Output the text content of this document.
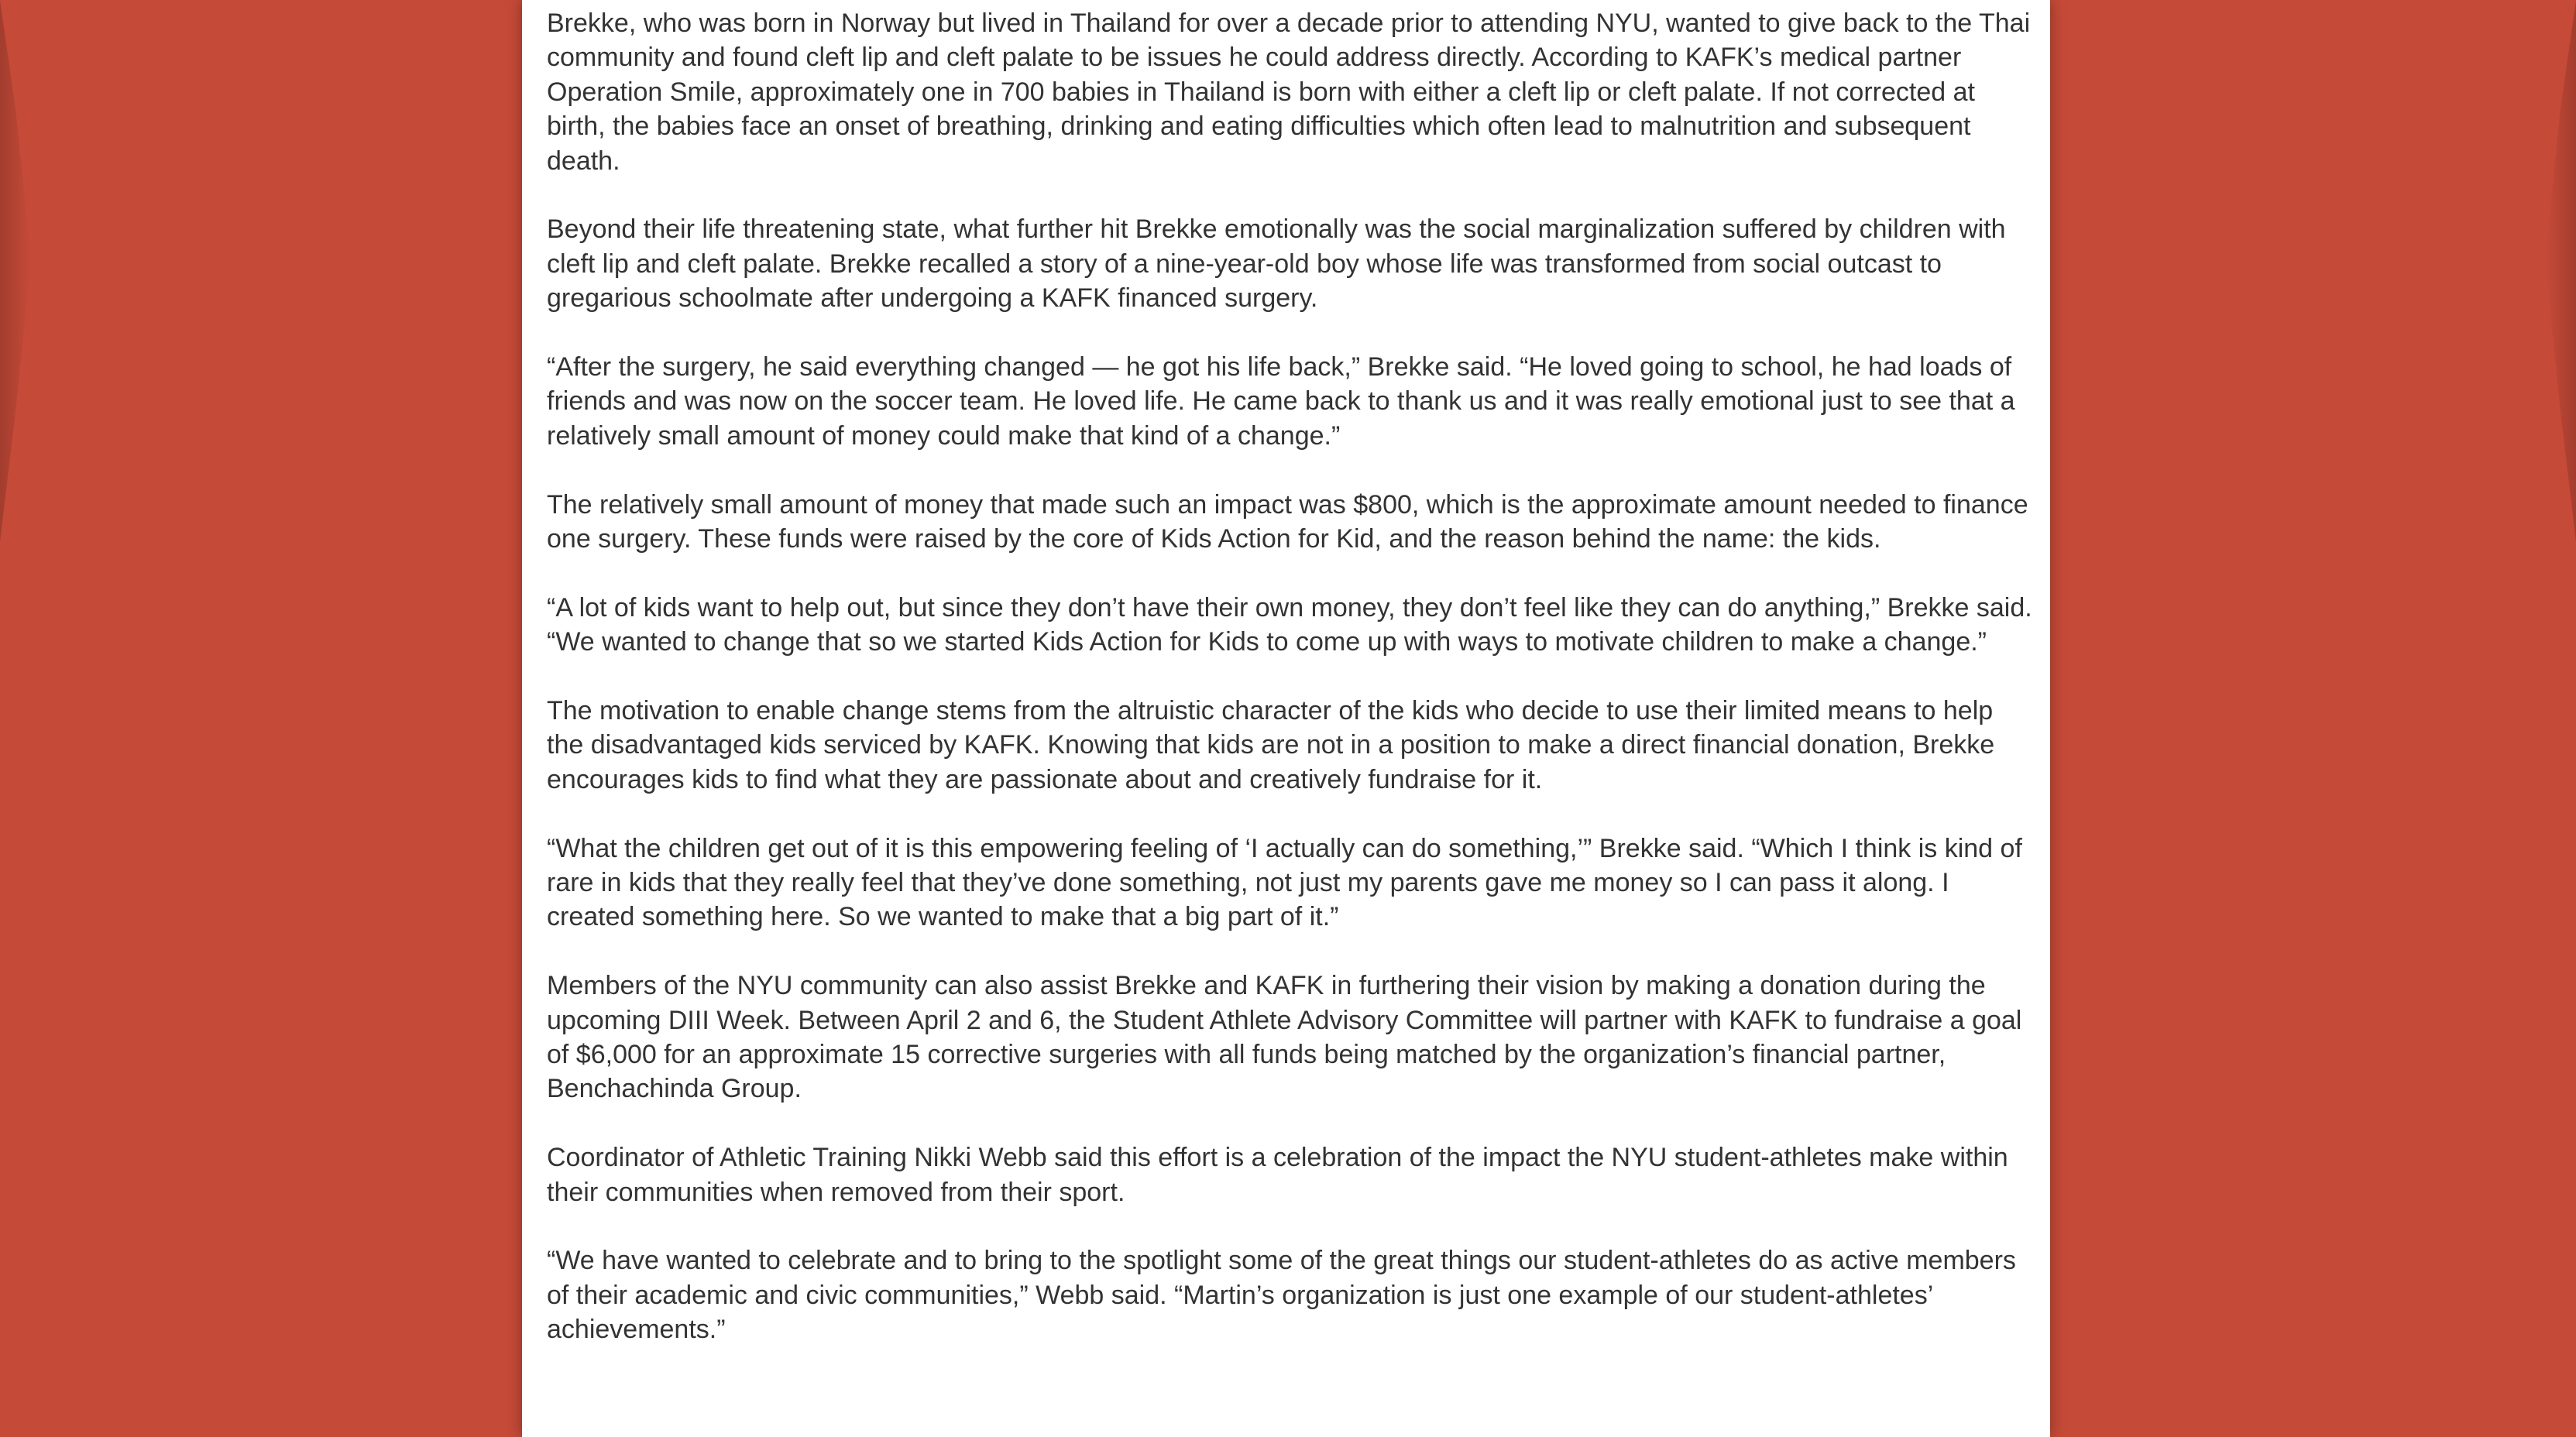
Brekke, who was born in Norway but lived in Thailand for over a decade prior to attending NYU, wanted to give back to the Thai community and found cleft lip and cleft palate to be issues he could address directly. According to KAFK’s medical partner Operation Smile, approximately one in 700 babies in Thailand is born with either a cleft lip or cleft palate. If not corrected at birth, the babies face an onset of breathing, drinking and eating difficulties which often lead to malnutrition and subsequent death.

Beyond their life threatening state, what further hit Brekke emotionally was the social marginalization suffered by children with cleft lip and cleft palate. Brekke recalled a story of a nine-year-old boy whose life was transformed from social outcast to gregarious schoolmate after undergoing a KAFK financed surgery.

“After the surgery, he said everything changed — he got his life back,” Brekke said. “He loved going to school, he had loads of friends and was now on the soccer team. He loved life. He came back to thank us and it was really emotional just to see that a relatively small amount of money could make that kind of a change.”

The relatively small amount of money that made such an impact was $800, which is the approximate amount needed to finance one surgery. These funds were raised by the core of Kids Action for Kid, and the reason behind the name: the kids.

“A lot of kids want to help out, but since they don’t have their own money, they don’t feel like they can do anything,” Brekke said. “We wanted to change that so we started Kids Action for Kids to come up with ways to motivate children to make a change.”

The motivation to enable change stems from the altruistic character of the kids who decide to use their limited means to help the disadvantaged kids serviced by KAFK. Knowing that kids are not in a position to make a direct financial donation, Brekke encourages kids to find what they are passionate about and creatively fundraise for it.

“What the children get out of it is this empowering feeling of ‘I actually can do something,’” Brekke said. “Which I think is kind of rare in kids that they really feel that they’ve done something, not just my parents gave me money so I can pass it along. I created something here. So we wanted to make that a big part of it.”

Members of the NYU community can also assist Brekke and KAFK in furthering their vision by making a donation during the upcoming DIII Week. Between April 2 and 6, the Student Athlete Advisory Committee will partner with KAFK to fundraise a goal of $6,000 for an approximate 15 corrective surgeries with all funds being matched by the organization’s financial partner, Benchachinda Group.

Coordinator of Athletic Training Nikki Webb said this effort is a celebration of the impact the NYU student-athletes make within their communities when removed from their sport.

“We have wanted to celebrate and to bring to the spotlight some of the great things our student-athletes do as active members of their academic and civic communities,” Webb said. “Martin’s organization is just one example of our student-athletes’ achievements.”
